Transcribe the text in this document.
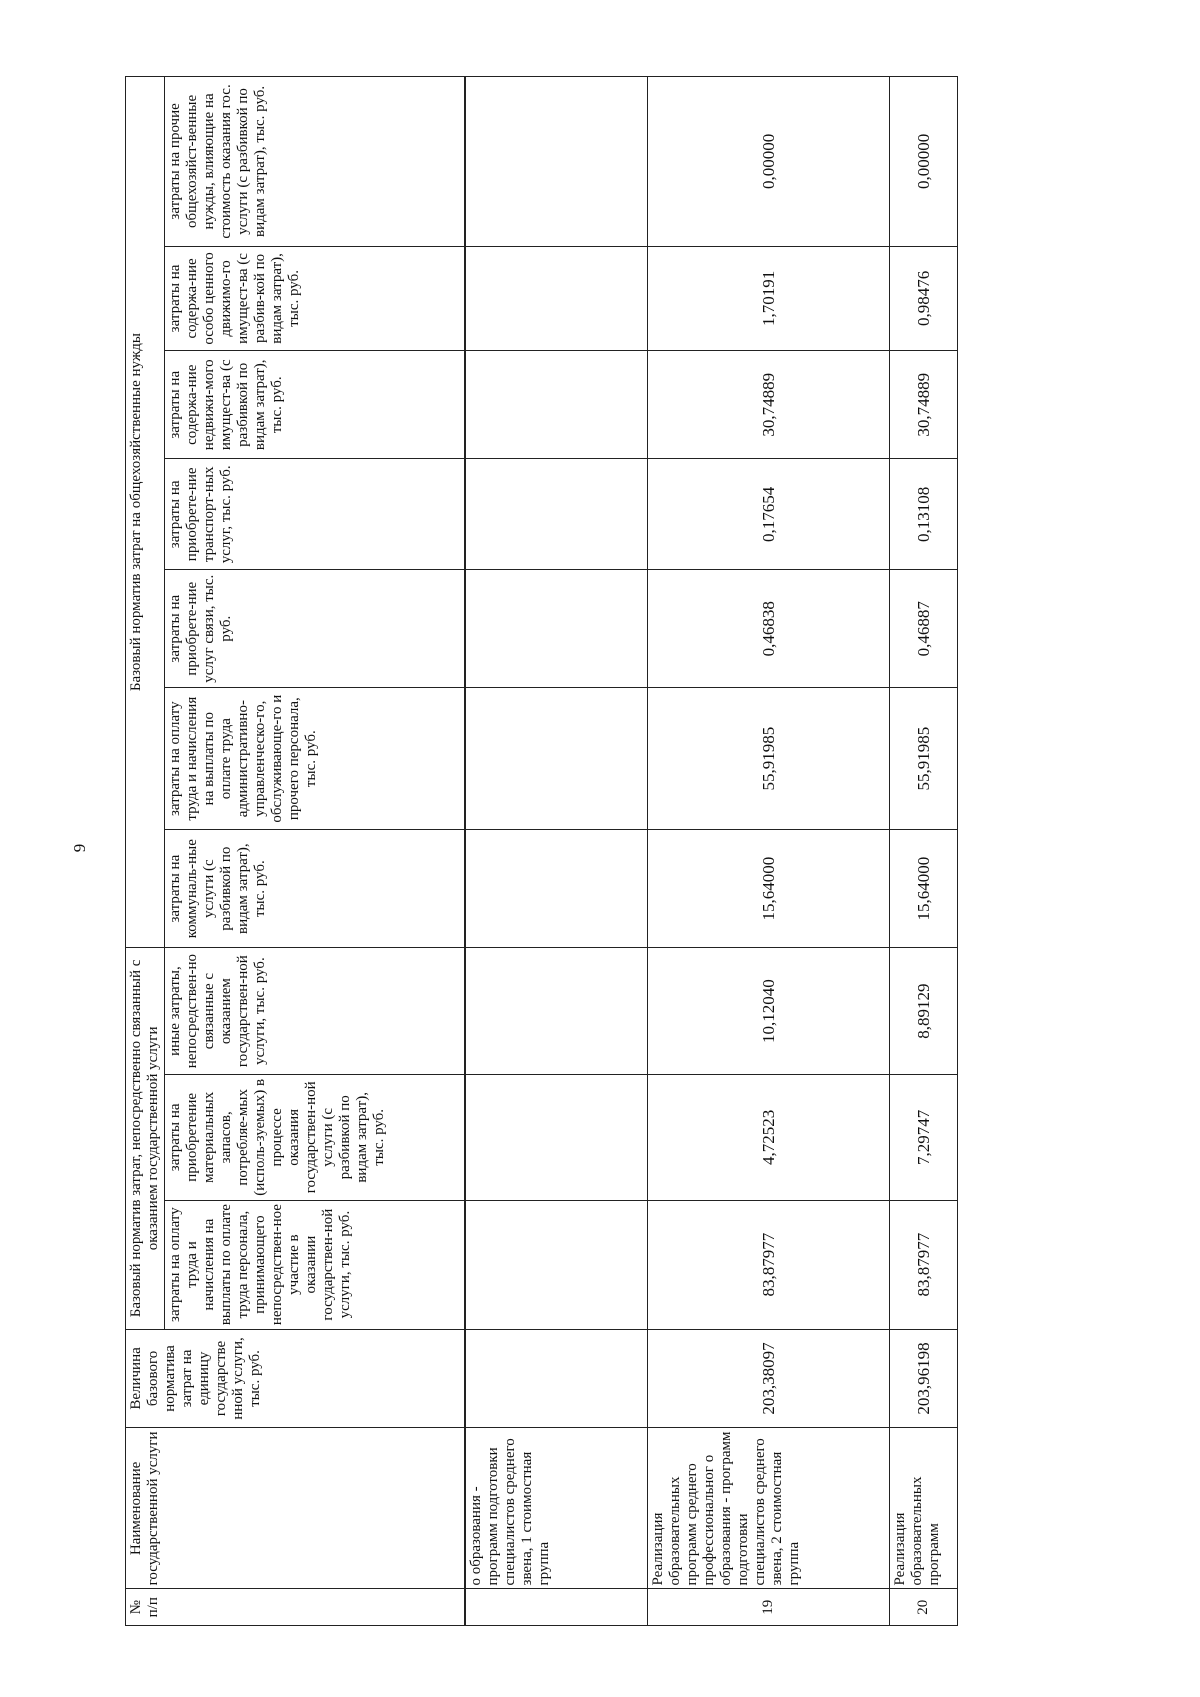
9
№ п/п	Наименование государственной услуги	Величина базового норматива затрат на единицу государстве нной услуги, тыс. руб.	Базовый норматив затрат, непосредственно связанный с оказанием государственной услуги			Базовый норматив затрат на общехозяйственные нужды						
			затраты на оплату труда и начисления на выплаты по оплате труда персонала, принимающего непосредствен-ное участие в оказании государствен-ной услуги, тыс. руб.	затраты на приобретение материальных запасов, потребляе-мых (исполь-зуемых) в процессе оказания государствен-ной услуги (с разбивкой по видам затрат), тыс. руб.	иные затраты, непосредствен-но связанные с оказанием государствен-ной услуги, тыс. руб.	затраты на коммуналь-ные услуги (с разбивкой по видам затрат), тыс. руб.	затраты на оплату труда и начисления на выплаты по оплате труда административно-управленческо-го, обслуживающе-го и прочего персонала, тыс. руб.	затраты на приобрете-ние услуг связи, тыс. руб.	затраты на приобрете-ние транспорт-ных услуг, тыс. руб.	затраты на содержа-ние недвижи-мого имущест-ва (с разбивкой по видам затрат), тыс. руб.	затраты на содержа-ние особо ценного движимо-го имущест-ва (с разбив-кой по видам затрат), тыс. руб.	затраты на прочие общехозяйст-венные нужды, влияющие на стоимость оказания гос. услуги (с разбивкой по видам затрат), тыс. руб.
	о образования - программ подготовки специалистов среднего звена, 1 стоимостная группа											
19	Реализация образовательных программ среднего профессиональног о образования - программ подготовки специалистов среднего звена, 2 стоимостная группа	203,38097	83,87977	4,72523	10,12040	15,64000	55,91985	0,46838	0,17654	30,74889	1,70191	0,00000
20	Реализация образовательных программ	203,96198	83,87977	7,29747	8,89129	15,64000	55,91985	0,46887	0,13108	30,74889	0,98476	0,00000
